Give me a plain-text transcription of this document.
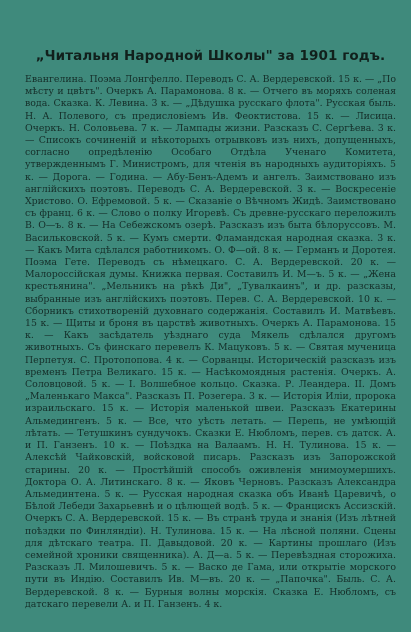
„Читальня Народной Школы" за 1901 годъ.
Евангелина. Поэма Лонгфелло. Переводъ С. А. Вердеревской. 15 к. — „По мѣсту и цвѣтъ". Очеркъ А. Парамонова. 8 к. — Отчего въ моряхъ соленая вода. Сказка. К. Левина. 3 к. — „Дѣдушка русскаго флота". Русская быль. Н. А. Полевого, съ предисловіемъ Ив. Феоктистова. 15 к. — Лисица. Очеркъ. Н. Соловьева. 7 к. — Лампады жизни. Разсказъ С. Сергѣева. 3 к. — Списокъ сочиненій и нѣкоторыхъ отрывковъ изъ нихъ, допущенныхъ, согласно опредѣленію Особаго Отдѣла Ученаго Комитета, утвержденнымъ Г. Министромъ, для чтенія въ народныхъ аудиторіяхъ. 5 к. — Дорога. — Година. — Абу-Бенъ-Адемъ и ангелъ. Заимствовано изъ англійскихъ поэтовъ. Переводъ С. А. Вердеревской. 3 к. — Воскресеніе Христово. О. Ефремовой. 5 к. — Сказаніе о Вѣчномъ Жидѣ. Заимствовано съ франц. 6 к. — Слово о полку Игоревѣ. Съ древне-русскаго переложилъ В. О—ъ. 8 к. — На Себежскомъ озерѣ. Разсказъ изъ быта бѣлоруссовъ. М. Васильковской. 5 к. — Кумъ смерти. Фламандская народная сказка. 3 к. — Какъ Мита сдѣлался работникомъ. О. Ф—ой. 8 к. — Германъ и Доротея. Поэма Гете. Переводъ съ нѣмецкаго. С. А. Вердеревской. 20 к. — Малороссійская думы. Книжка первая. Составилъ И. М—ъ. 5 к. — „Жена крестьянина". „Мельникъ на рѣкѣ Ди", „Тувалкаинъ", и др. разсказы, выбранные изъ англійскихъ поэтовъ. Перев. С. А. Вердеревской. 10 к. — Сборникъ стихотвореній духовнаго содержанія. Составилъ И. Матвѣевъ. 15 к. — Щиты и броня въ царствѣ животныхъ. Очеркъ А. Парамонова. 15 к. — Какъ засѣдатель уѣзднаго суда Мякель сдѣлался другомъ животныхъ. Съ финскаго перевелъ К. Мацуковъ. 5 к. — Святая мученица Перпетуя. С. Протопопова. 4 к. — Сорванцы. Историческій разсказъ изъ временъ Петра Великаго. 15 к. — Насѣкомоядныя растенія. Очеркъ. А. Соловцовой. 5 к. — I. Волшебное кольцо. Сказка. Р. Леандера. II. Домъ „Маленькаго Макса". Разсказъ П. Розегера. 3 к. — Исторія Иліи, пророка израильскаго. 15 к. — Исторія маленькой швеи. Разсказъ Екатерины Альмедингенъ. 5 к. — Все, что уѣсть летать. — Перепь, не умѣющій лѣтать. — Тетушкинъ сундучокъ. Сказки Е. Нюбломъ, перев. съ датск. А. и П. Ганзенъ. 10 к. — Поѣздка на Валаамъ. Н. Н. Тулинова. 15 к. — Алексѣй Чайковскій, войсковой писарь. Разсказъ изъ Запорожской старины. 20 к. — Простѣйшій способъ оживленія мнимоумершихъ. Доктора О. А. Литинскаго. 8 к. — Яковъ Черновъ. Разсказъ Александра Альмединтена. 5 к. — Русская народная сказка объ Иванѣ Царевичѣ, о Бѣлой Лебеди Захарьевнѣ и о цѣлющей водѣ. 5 к. — Францискъ Ассизскій. Очеркъ С. А. Вердеревской. 15 к. — Въ странѣ труда и знанія (Изъ лѣтней поѣздки по Финляндіи). Н. Тулинова. 15 к. — На лѣсной поляни. Сцены для дѣтскаго театра. П. Давыдовой. 20 к. — Картины прошлаго (Изъ семейной хроники священника). А. Д—а. 5 к. — Перевѣздная сторожиха. Разсказъ Л. Милошевичъ. 5 к. — Васко де Гама, или открытіе морского пути въ Индію. Составилъ Ив. М—въ. 20 к. — „Папочка". Быль. С. А. Вердеревской. 8 к. — Бурныя волны морскія. Сказка Е. Нюбломъ, съ датскаго перевели А. и П. Ганзенъ. 4 к.
